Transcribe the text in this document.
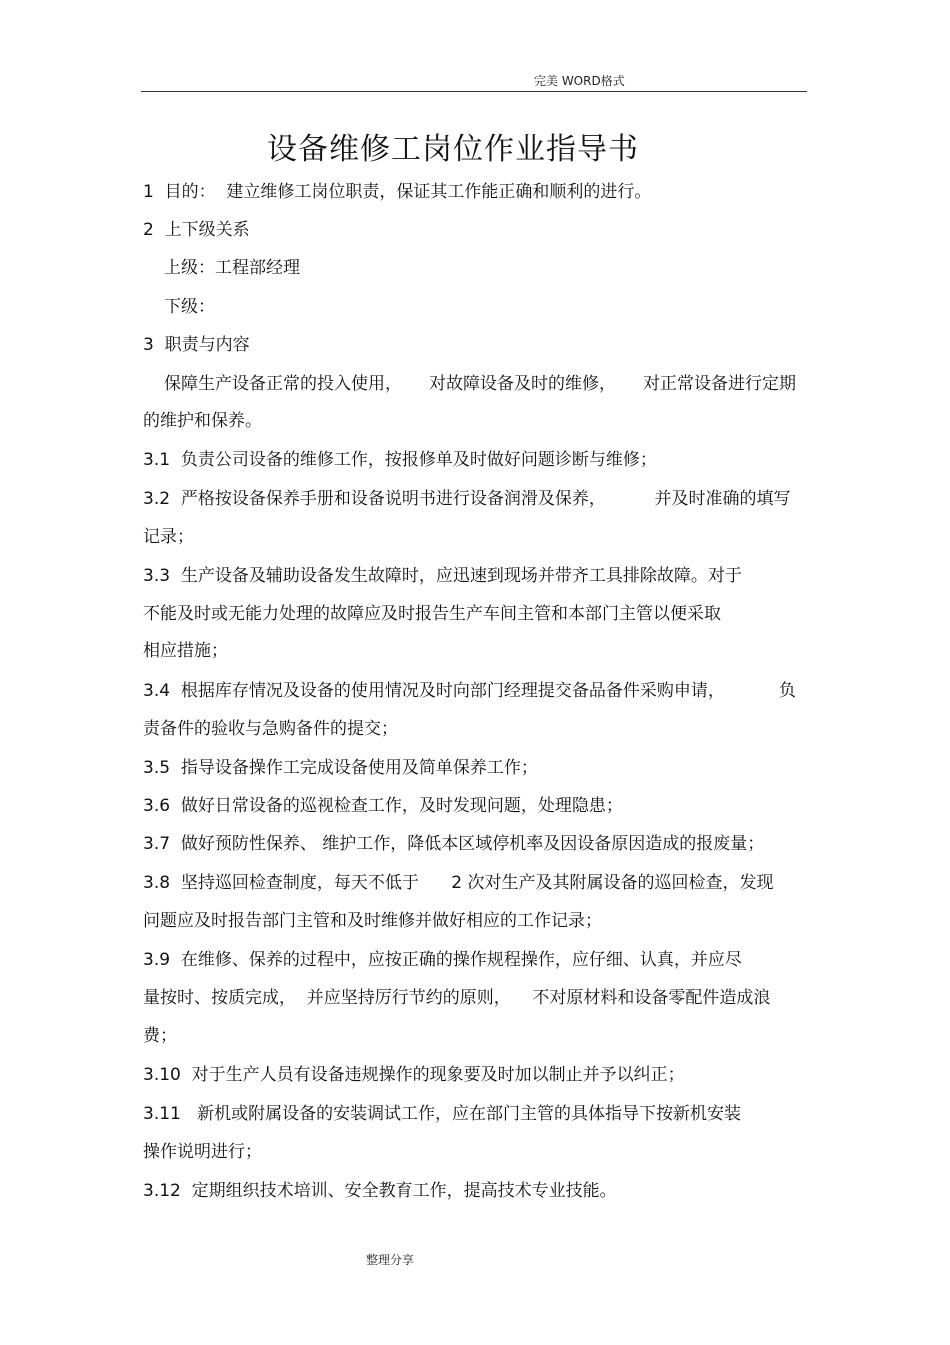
完美 WORD格式
设备维修工岗位作业指导书
1  目的：  建立维修工岗位职责，保证其工作能正确和顺利的进行。
2  上下级关系
上级：工程部经理
下级：
3  职责与内容
保障生产设备正常的投入使用，     对故障设备及时的维修，     对正常设备进行定期
的维护和保养。
3.1  负责公司设备的维修工作，按报修单及时做好问题诊断与维修；
3.2  严格按设备保养手册和设备说明书进行设备润滑及保养，         并及时准确的填写
记录；
3.3  生产设备及辅助设备发生故障时，应迅速到现场并带齐工具排除故障。对于
不能及时或无能力处理的故障应及时报告生产车间主管和本部门主管以便采取
相应措施；
3.4  根据库存情况及设备的使用情况及时向部门经理提交备品备件采购申请，          负
责备件的验收与急购备件的提交；
3.5  指导设备操作工完成设备使用及简单保养工作；
3.6  做好日常设备的巡视检查工作，及时发现问题，处理隐患；
3.7  做好预防性保养、 维护工作，降低本区域停机率及因设备原因造成的报废量；
3.8  坚持巡回检查制度，每天不低于      2 次对生产及其附属设备的巡回检查，发现
问题应及时报告部门主管和及时维修并做好相应的工作记录；
3.9  在维修、保养的过程中，应按正确的操作规程操作，应仔细、认真，并应尽
量按时、按质完成，  并应坚持厉行节约的原则，    不对原材料和设备零配件造成浪
费；
3.10  对于生产人员有设备违规操作的现象要及时加以制止并予以纠正；
3.11   新机或附属设备的安装调试工作，应在部门主管的具体指导下按新机安装
操作说明进行；
3.12  定期组织技术培训、安全教育工作，提高技术专业技能。
整理分享
